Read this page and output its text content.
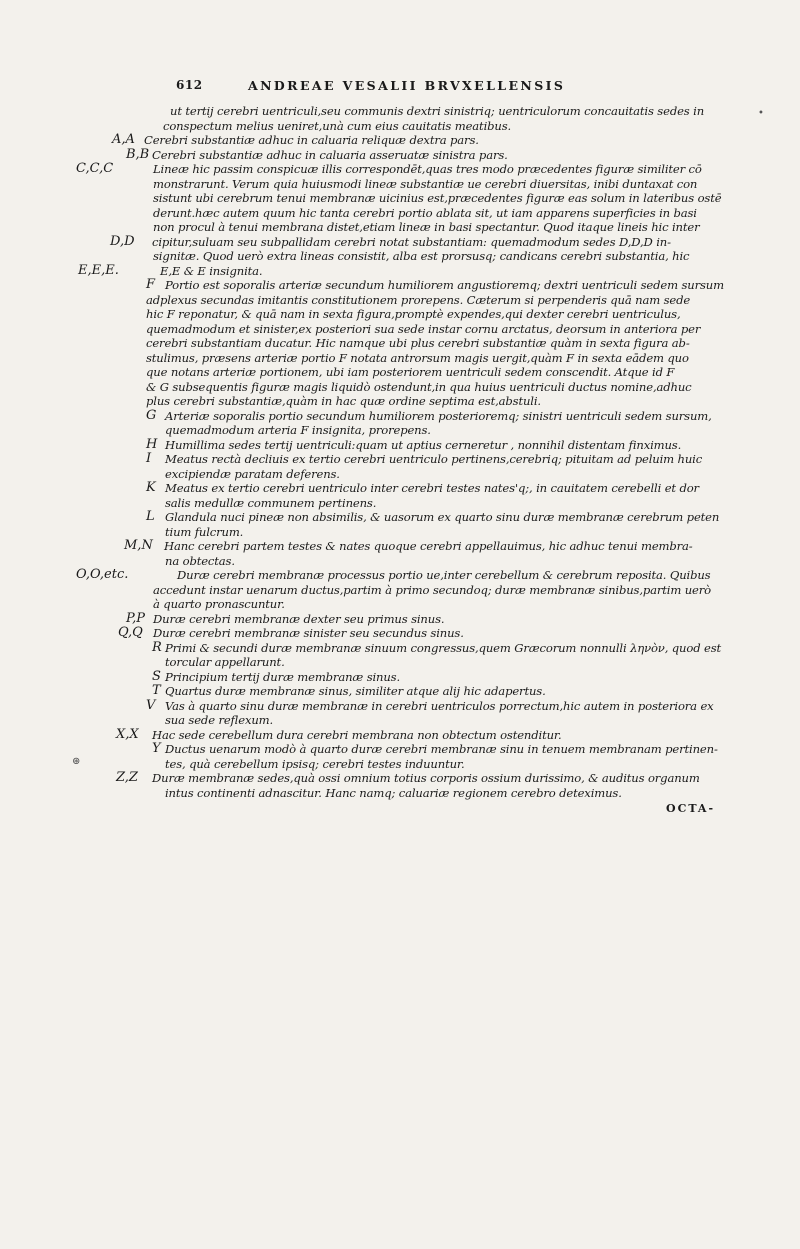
612	ANDREAE VESALII BRVXELLENSIS
•
⊛
ut tertij cerebri uentriculi,seu communis dextri sinistriq; uentriculorum concauitatis sedes in
conspectum melius ueniret,unà cum eius cauitatis meatibus.
A,A Cerebri substantiæ adhuc in caluaria reliquæ dextra pars.
B,B Cerebri substantiæ adhuc in caluaria asseruatæ sinistra pars.
C,C,C	Lineæ hic passim conspicuæ illis correspondēt,quas tres modo præcedentes figuræ similiter cō
monstrarunt. Verum quia huiusmodi lineæ substantiæ ue cerebri diuersitas, inibi duntaxat con
sistunt ubi cerebrum tenui membranæ uicinius est,præcedentes figuræ eas solum in lateribus ostē
derunt.hæc autem quum hic tanta cerebri portio ablata sit, ut iam apparens superficies in basi
non procul à tenui membrana distet,etiam lineæ in basi spectantur. Quod itaque lineis hic inter
D,D cipitur,suluam seu subpallidam cerebri notat substantiam: quemadmodum sedes D,D,D in-
signitæ. Quod uerò extra lineas consistit, alba est prorsusq; candicans cerebri substantia, hic
E,E,E.	E,E & E insignita.
F Portio est soporalis arteriæ secundum humiliorem angustioremq; dextri uentriculi sedem sursum
adplexus secundas imitantis constitutionem prorepens. Cæterum si perpenderis quā nam sede
hic F reponatur, & quā nam in sexta figura,promptè expendes,qui dexter cerebri uentriculus,
quemadmodum et sinister,ex posteriori sua sede instar cornu arctatus, deorsum in anteriora per
cerebri substantiam ducatur. Hic namque ubi plus cerebri substantiæ quàm in sexta figura ab-
stulimus, præsens arteriæ portio F notata antrorsum magis uergit,quàm F in sexta eādem quo
que notans arteriæ portionem, ubi iam posteriorem uentriculi sedem conscendit. Atque id F
& G subsequentis figuræ magis liquidò ostendunt,in qua huius uentriculi ductus nomine,adhuc
plus cerebri substantiæ,quàm in hac quæ ordine septima est,abstuli.
G Arteriæ soporalis portio secundum humiliorem posterioremq; sinistri uentriculi sedem sursum,
quemadmodum arteria F insignita, prorepens.
H Humillima sedes tertij uentriculi:quam ut aptius cerneretur , nonnihil distentam finximus.
I Meatus rectà decliuis ex tertio cerebri uentriculo pertinens,cerebriq; pituitam ad peluim huic
excipiendæ paratam deferens.
K Meatus ex tertio cerebri uentriculo inter cerebri testes nates'q;, in cauitatem cerebelli et dor
salis medullæ communem pertinens.
L Glandula nuci pineæ non absimilis, & uasorum ex quarto sinu duræ membranæ cerebrum peten
tium fulcrum.
M,N Hanc cerebri partem testes & nates quoque cerebri appellauimus, hic adhuc tenui membra-
na obtectas.
O,O,etc.	Duræ cerebri membranæ processus portio ue,inter cerebellum & cerebrum reposita. Quibus
accedunt instar uenarum ductus,partim à primo secundoq; duræ membranæ sinibus,partim uerò
à quarto pronascuntur.
P,P Duræ cerebri membranæ dexter seu primus sinus.
Q,Q Duræ cerebri membranæ sinister seu secundus sinus.
R Primi & secundi duræ membranæ sinuum congressus,quem Græcorum nonnulli ληνὸν, quod est
torcular appellarunt.
S Principium tertij duræ membranæ sinus.
T Quartus duræ membranæ sinus, similiter atque alij hic adapertus.
V Vas à quarto sinu duræ membranæ in cerebri uentriculos porrectum,hic autem in posteriora ex
sua sede reflexum.
X,X Hac sede cerebellum dura cerebri membrana non obtectum ostenditur.
Y Ductus uenarum modò à quarto duræ cerebri membranæ sinu in tenuem membranam pertinen-
tes, quà cerebellum ipsisq; cerebri testes induuntur.
Z,Z Duræ membranæ sedes,quà ossi omnium totius corporis ossium durissimo, & auditus organum
intus continenti adnascitur. Hanc namq; caluariæ regionem cerebro deteximus.
OCTA-
